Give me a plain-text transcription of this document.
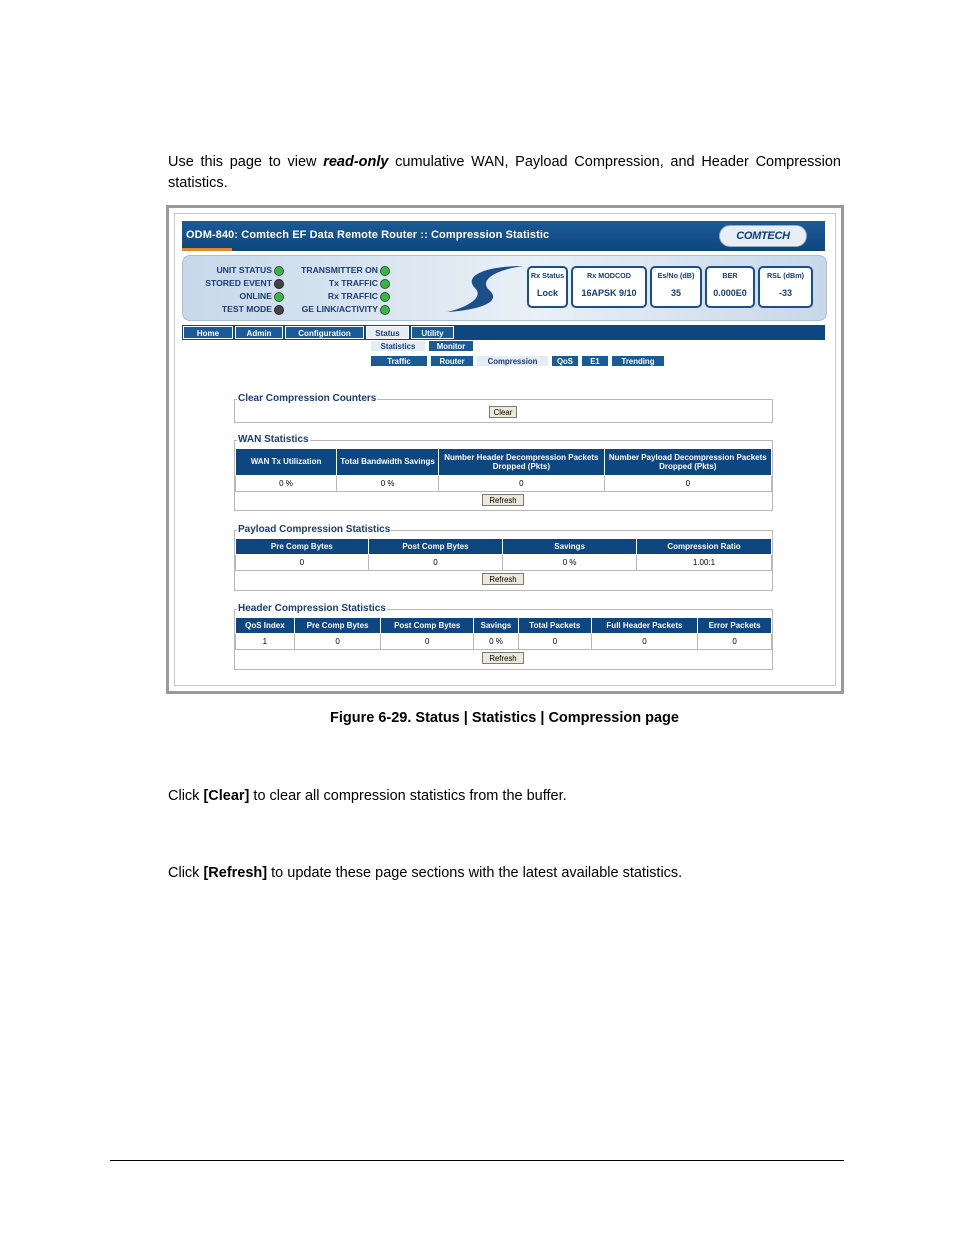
Use this page to view read-only cumulative WAN, Payload Compression, and Header Compression statistics.
ODM-840: Comtech EF Data Remote Router :: Compression Statistic	COMTECH
UNIT STATUS
STORED EVENT
ONLINE
TEST MODE
TRANSMITTER ON
Tx TRAFFIC
Rx TRAFFIC
GE LINK/ACTIVITY
Rx Status
Lock
Rx MODCOD
16APSK 9/10
Es/No (dB)
35
BER
0.000E0
RSL (dBm)
-33
Home	Admin	Configuration	Status	Utility
Statistics	Monitor
Traffic	Router	Compression	QoS	E1	Trending
Clear Compression Counters
Clear
WAN Statistics
WAN Tx Utilization	Total Bandwidth Savings	Number Header Decompression Packets Dropped (Pkts)	Number Payload Decompression Packets Dropped (Pkts)
0 %	0 %	0	0
Refresh
Payload Compression Statistics
Pre Comp Bytes	Post Comp Bytes	Savings	Compression Ratio
0	0	0 %	1.00:1
Refresh
Header Compression Statistics
QoS Index	Pre Comp Bytes	Post Comp Bytes	Savings	Total Packets	Full Header Packets	Error Packets
1	0	0	0 %	0	0	0
Refresh
Figure 6-29. Status | Statistics | Compression page
Click [Clear] to clear all compression statistics from the buffer.
Click [Refresh] to update these page sections with the latest available statistics.
